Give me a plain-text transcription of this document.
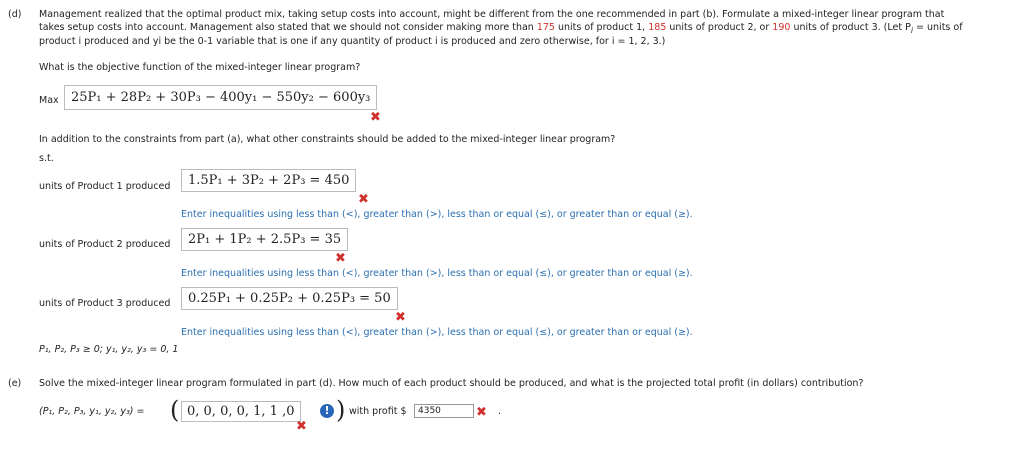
(d) Management realized that the optimal product mix, taking setup costs into account, might be different from the one recommended in part (b). Formulate a mixed-integer linear program that
takes setup costs into account. Management also stated that we should not consider making more than 175 units of product 1, 185 units of product 2, or 190 units of product 3. (Let $P_i$ = units of
product i produced and yi be the 0-1 variable that is one if any quantity of product i is produced and zero otherwise, for i = 1, 2, 3.)
What is the objective function of the mixed-integer linear program?
Max 25P₁ + 28P₂ + 30P₃ − 400y₁ − 550y₂ − 600y₃
✖
In addition to the constraints from part (a), what other constraints should be added to the mixed-integer linear program?
s.t.
units of Product 1 produced	1.5P₁ + 3P₂ + 2P₃ = 450
✖
Enter inequalities using less than (<), greater than (>), less than or equal (≤), or greater than or equal (≥).
units of Product 2 produced	2P₁ + 1P₂ + 2.5P₃ = 35
✖
Enter inequalities using less than (<), greater than (>), less than or equal (≤), or greater than or equal (≥).
units of Product 3 produced	0.25P₁ + 0.25P₂ + 0.25P₃ = 50
✖
Enter inequalities using less than (<), greater than (>), less than or equal (≤), or greater than or equal (≥).
P₁, P₂, P₃ ≥ 0; y₁, y₂, y₃ = 0, 1
(e) Solve the mixed-integer linear program formulated in part (d). How much of each product should be produced, and what is the projected total profit (in dollars) contribution?
(P₁, P₂, P₃, y₁, y₂, y₃) = ( 0, 0, 0, 0, 1, 1 ,0
✖
! ) with profit $	4350	✖ .
